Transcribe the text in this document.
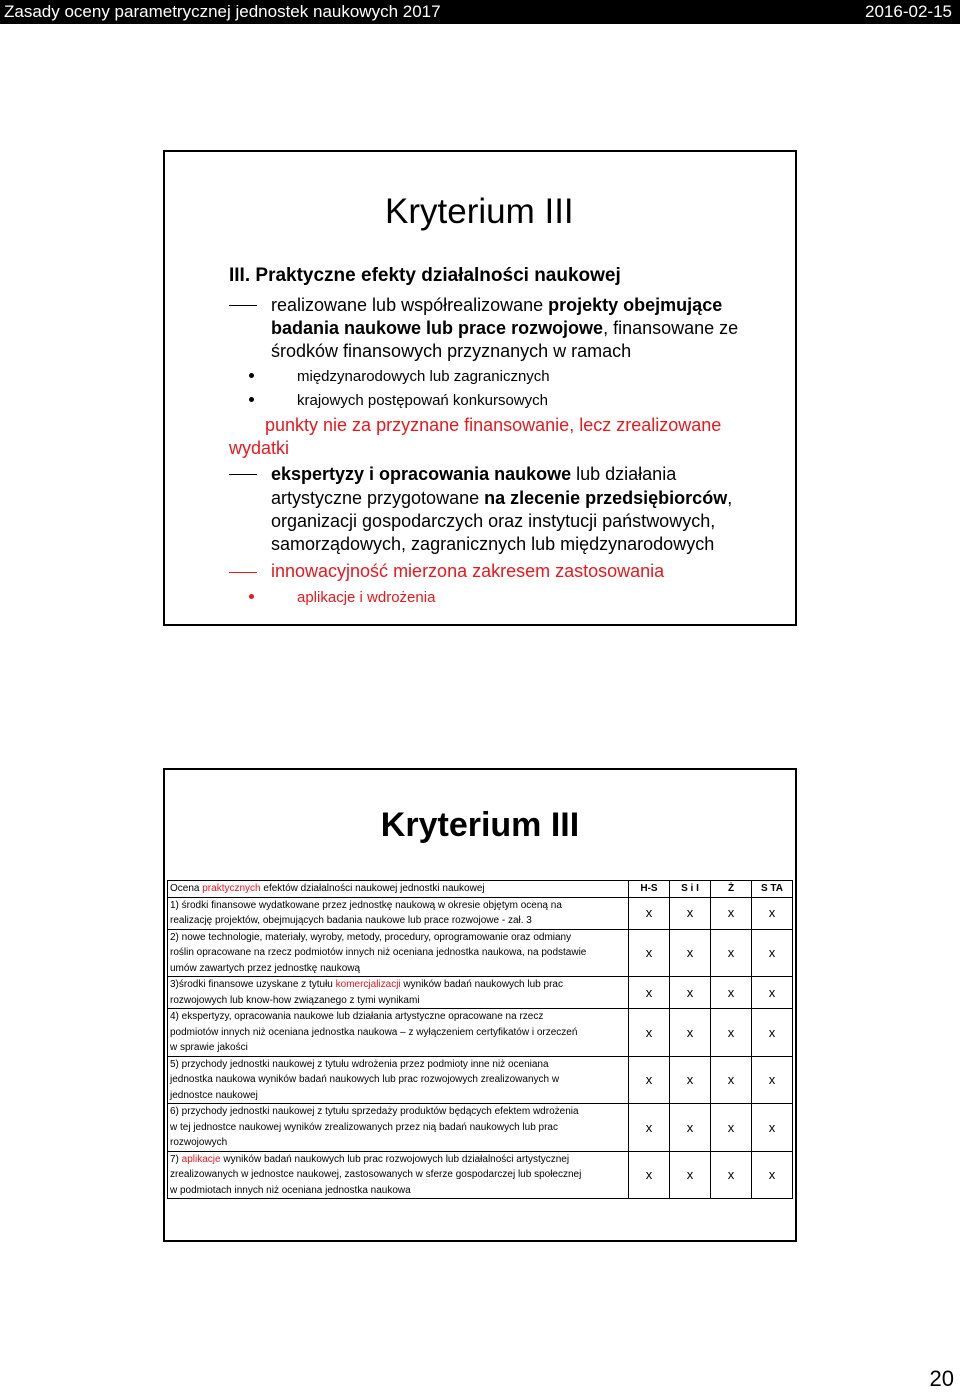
Zasady oceny parametrycznej jednostek naukowych 2017	2016-02-15
Kryterium III
III. Praktyczne efekty działalności naukowej
realizowane lub współrealizowane projekty obejmujące
badania naukowe lub prace rozwojowe, finansowane ze
środków finansowych przyznanych w ramach
międzynarodowych lub zagranicznych
krajowych postępowań konkursowych
punkty nie za przyznane finansowanie, lecz zrealizowane
wydatki
ekspertyzy i opracowania naukowe lub działania
artystyczne przygotowane na zlecenie przedsiębiorców,
organizacji gospodarczych oraz instytucji państwowych,
samorządowych, zagranicznych lub międzynarodowych
innowacyjność mierzona zakresem zastosowania
aplikacje i wdrożenia
Kryterium III
Ocena praktycznych efektów działalności naukowej jednostki naukowej	H-S	S i I	Ż	S TA

1) środki finansowe wydatkowane przez jednostkę naukową w okresie objętym oceną na
realizację projektów, obejmujących badania naukowe lub prace rozwojowe - zał. 3	x	x	x	x

2) nowe technologie, materiały, wyroby, metody, procedury, oprogramowanie oraz odmiany
roślin opracowane na rzecz podmiotów innych niż oceniana jednostka naukowa, na podstawie
umów zawartych przez jednostkę naukową	x	x	x	x

3)środki finansowe uzyskane z tytułu komercjalizacji wyników badań naukowych lub prac
rozwojowych lub know-how związanego z tymi wynikami	x	x	x	x

4) ekspertyzy, opracowania naukowe lub działania artystyczne opracowane na rzecz
podmiotów innych niż oceniana jednostka naukowa – z wyłączeniem certyfikatów i orzeczeń
w sprawie jakości	x	x	x	x

5) przychody jednostki naukowej z tytułu wdrożenia przez podmioty inne niż oceniana
jednostka naukowa wyników badań naukowych lub prac rozwojowych zrealizowanych w
jednostce naukowej	x	x	x	x

6) przychody jednostki naukowej z tytułu sprzedaży produktów będących efektem wdrożenia
w tej jednostce naukowej wyników zrealizowanych przez nią badań naukowych lub prac
rozwojowych	x	x	x	x

7) aplikacje wyników badań naukowych lub prac rozwojowych lub działalności artystycznej
zrealizowanych w jednostce naukowej, zastosowanych w sferze gospodarczej lub społecznej
w podmiotach innych niż oceniana jednostka naukowa	x	x	x	x
20
